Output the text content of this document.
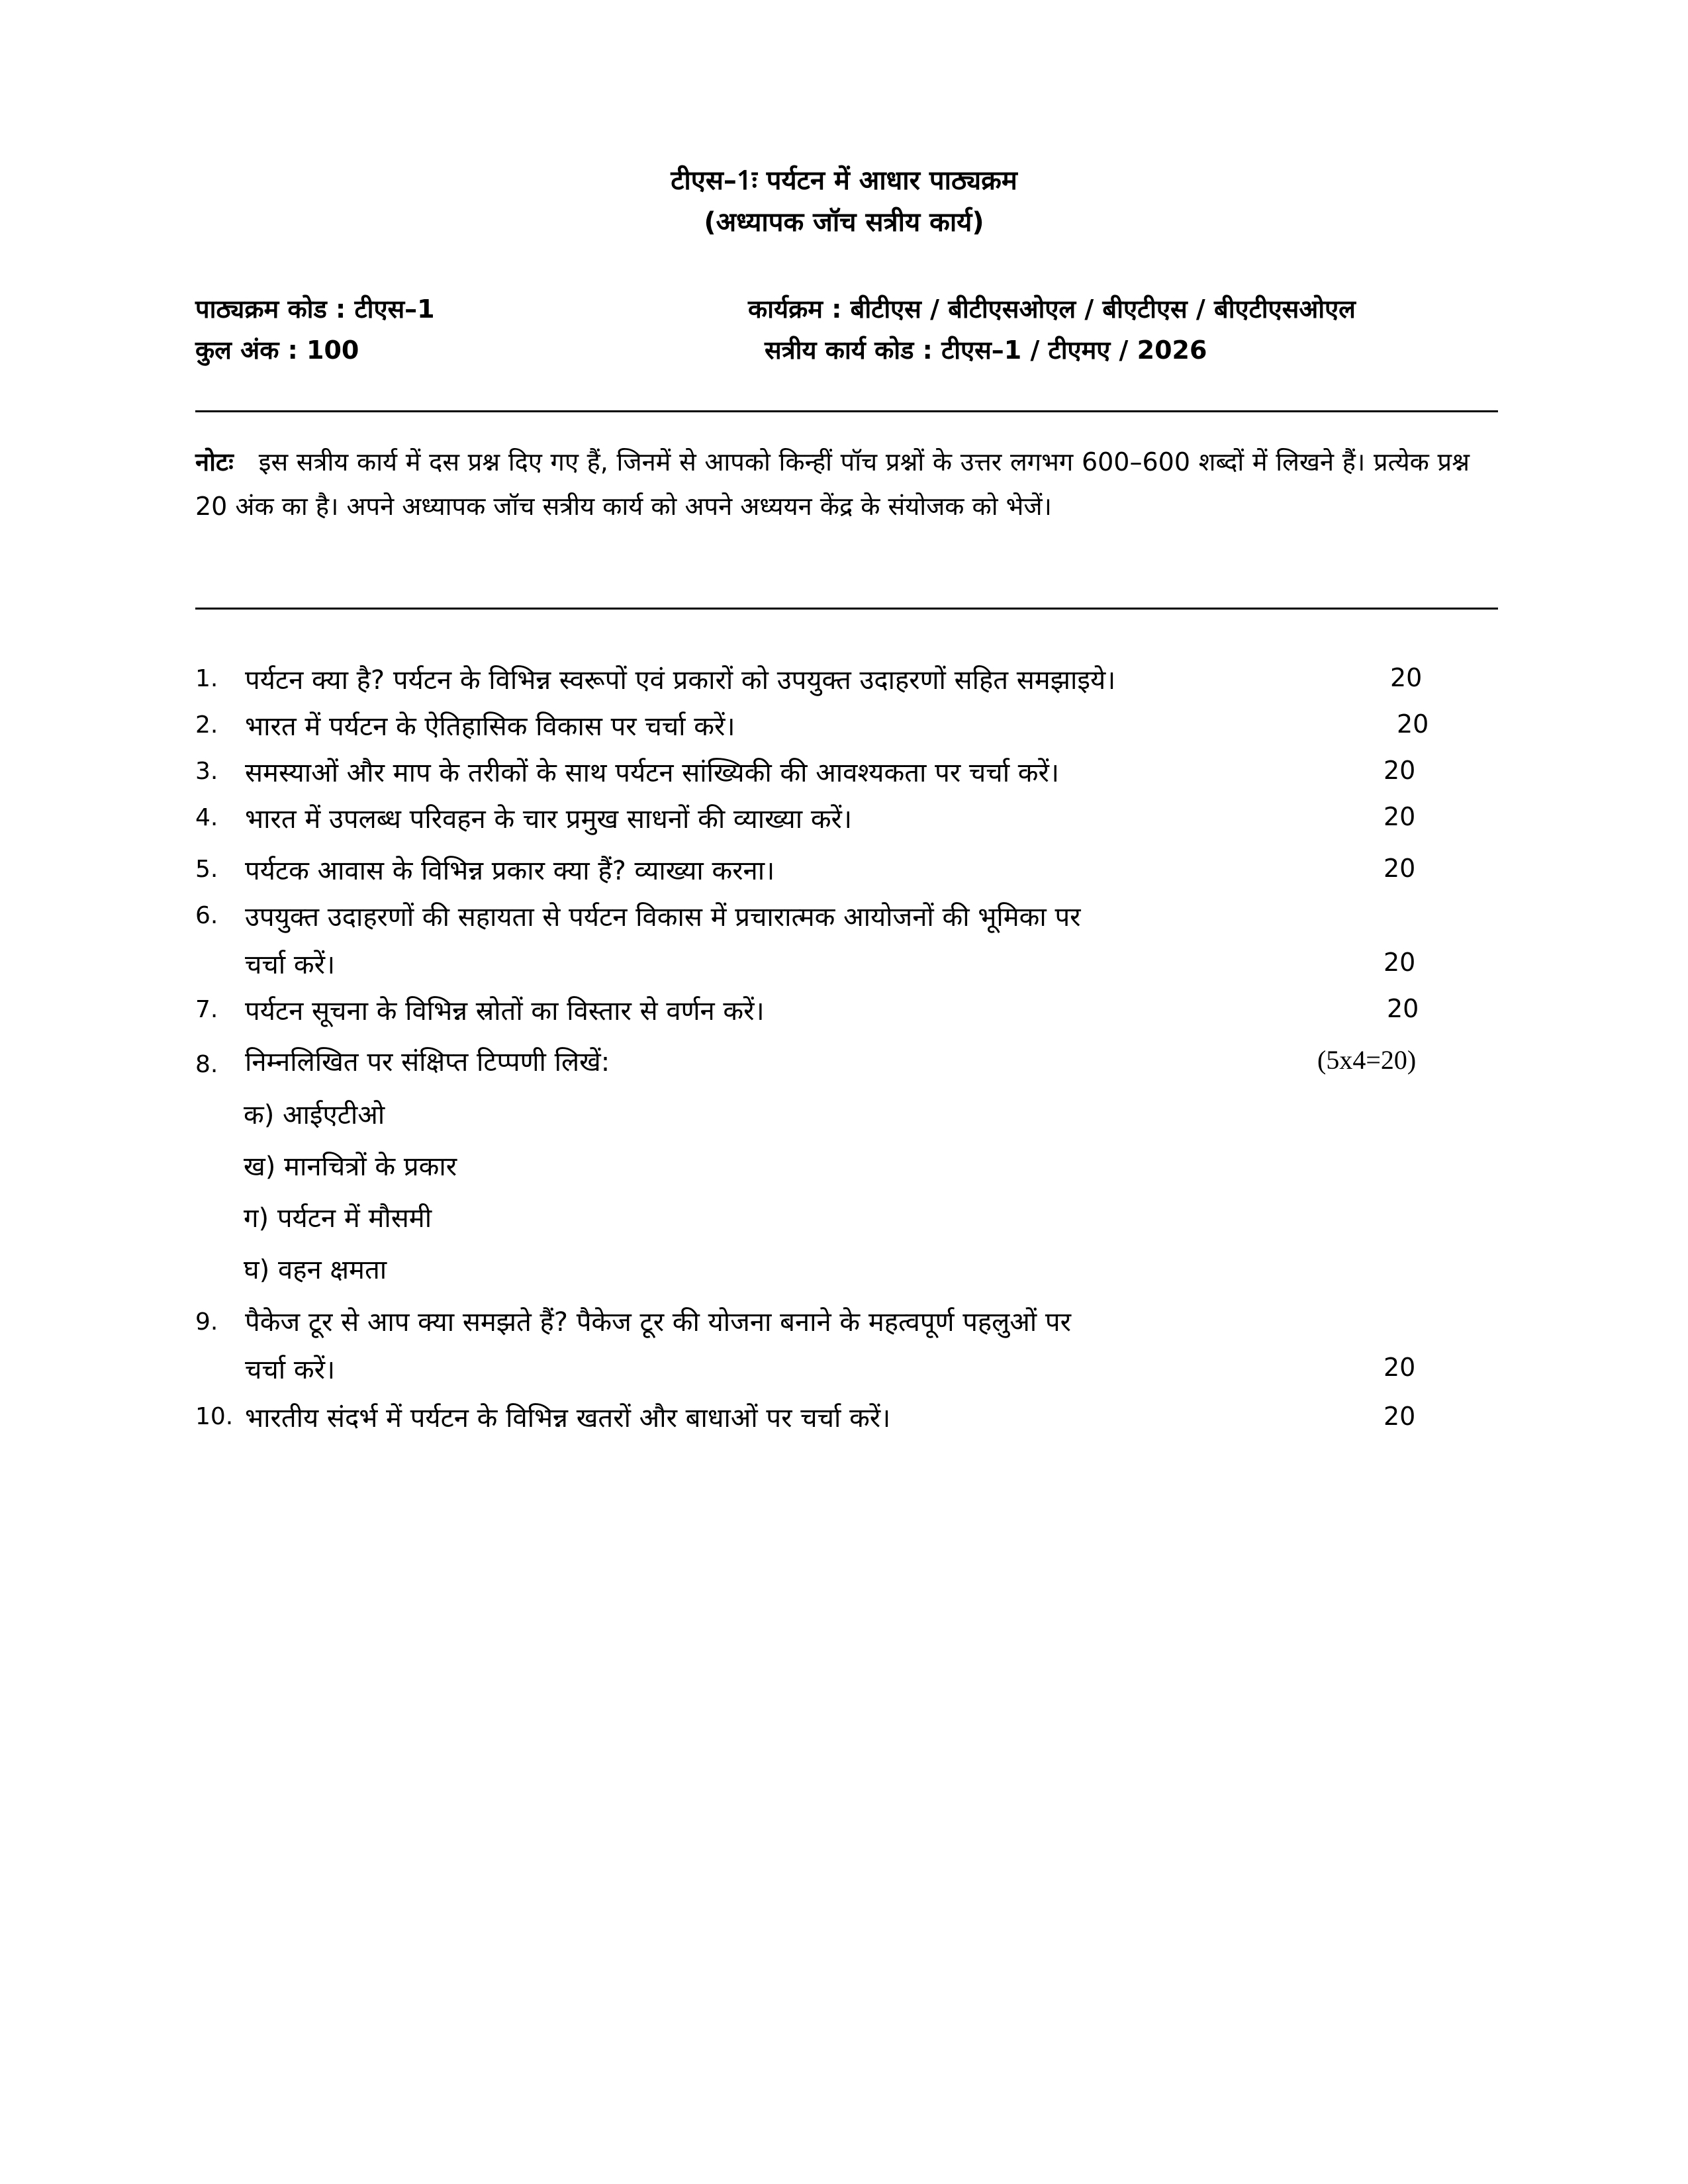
टीएस–1ः पर्यटन में आधार पाठ्यक्रम
(अध्यापक जॉच सत्रीय कार्य)
पाठ्यक्रम कोड : टीएस–1	कार्यक्रम : बीटीएस / बीटीएसओएल / बीएटीएस / बीएटीएसओएल
कुल अंक : 100	सत्रीय कार्य कोड : टीएस–1 / टीएमए / 2026
नोटः इस सत्रीय कार्य में दस प्रश्न दिए गए हैं, जिनमें से आपको किन्हीं पॉच प्रश्नों के उत्तर लगभग 600–600 शब्दों में लिखने हैं। प्रत्येक प्रश्न 20 अंक का है। अपने अध्यापक जॉच सत्रीय कार्य को अपने अध्ययन केंद्र के संयोजक को भेजें।
1. पर्यटन क्या है? पर्यटन के विभिन्न स्वरूपों एवं प्रकारों को उपयुक्त उदाहरणों सहित समझाइये।	20
2. भारत में पर्यटन के ऐतिहासिक विकास पर चर्चा करें।	20
3. समस्याओं और माप के तरीकों के साथ पर्यटन सांख्यिकी की आवश्यकता पर चर्चा करें।	20
4. भारत में उपलब्ध परिवहन के चार प्रमुख साधनों की व्याख्या करें।	20
5. पर्यटक आवास के विभिन्न प्रकार क्या हैं? व्याख्या करना।	20
6. उपयुक्त उदाहरणों की सहायता से पर्यटन विकास में प्रचारात्मक आयोजनों की भूमिका पर
चर्चा करें।	20
7. पर्यटन सूचना के विभिन्न स्रोतों का विस्तार से वर्णन करें।	20
8. निम्नलिखित पर संक्षिप्त टिप्पणी लिखें:	(5x4=20)
क) आईएटीओ
ख) मानचित्रों के प्रकार
ग) पर्यटन में मौसमी
घ) वहन क्षमता
9. पैकेज टूर से आप क्या समझते हैं? पैकेज टूर की योजना बनाने के महत्वपूर्ण पहलुओं पर
चर्चा करें।	20
10. भारतीय संदर्भ में पर्यटन के विभिन्न खतरों और बाधाओं पर चर्चा करें।	20
